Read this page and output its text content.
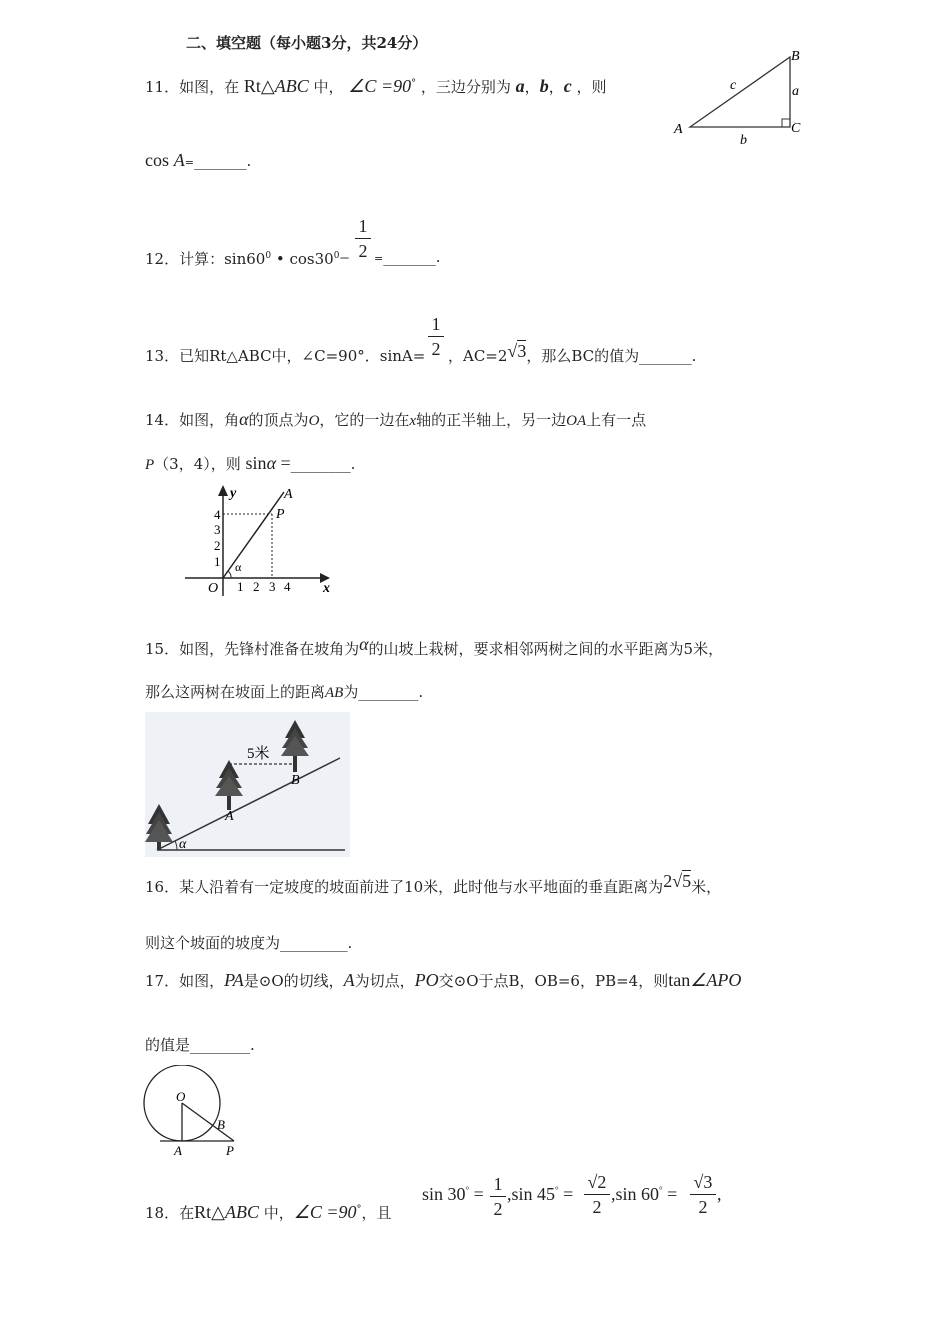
二、填空题（每小题3分，共24分）
11．如图，在 Rt△ABC 中， ∠C =90° ，三边分别为 a，b，c ，则
cos A=_______.
A
B
C
a
b
c
12．计算：$\sin 60^0$ • $\cos 30^0-$
1
2 =_______.
13．已知Rt△ABC中，∠C=90°．sinA=
1
2 ，AC=2√3，那么BC的值为_______.
14．如图，角α的顶点为O，它的一边在x轴的正半轴上，另一边OA上有一点
P（3，4），则 sinα =________.
y
x
O
A
P
α
1 2 3 4
1
2
3
4
15．如图，先锋村准备在坡角为α的山坡上栽树，要求相邻两树之间的水平距离为5米，
那么这两树在坡面上的距离AB为________.
5米
A
B
α
16．某人沿着有一定坡度的坡面前进了10米，此时他与水平地面的垂直距离为2√5米，
则这个坡面的坡度为_________.
17．如图，PA是⊙O的切线，A为切点，PO交⊙O于点B，OB=6，PB=4，则tan∠APO
的值是________.
O
A
B
P
18．在Rt△ABC 中，∠C =90°，且
sin 30° = 1
2
,sin 45° =
√2
2
,sin 60° =
√3
2
,
